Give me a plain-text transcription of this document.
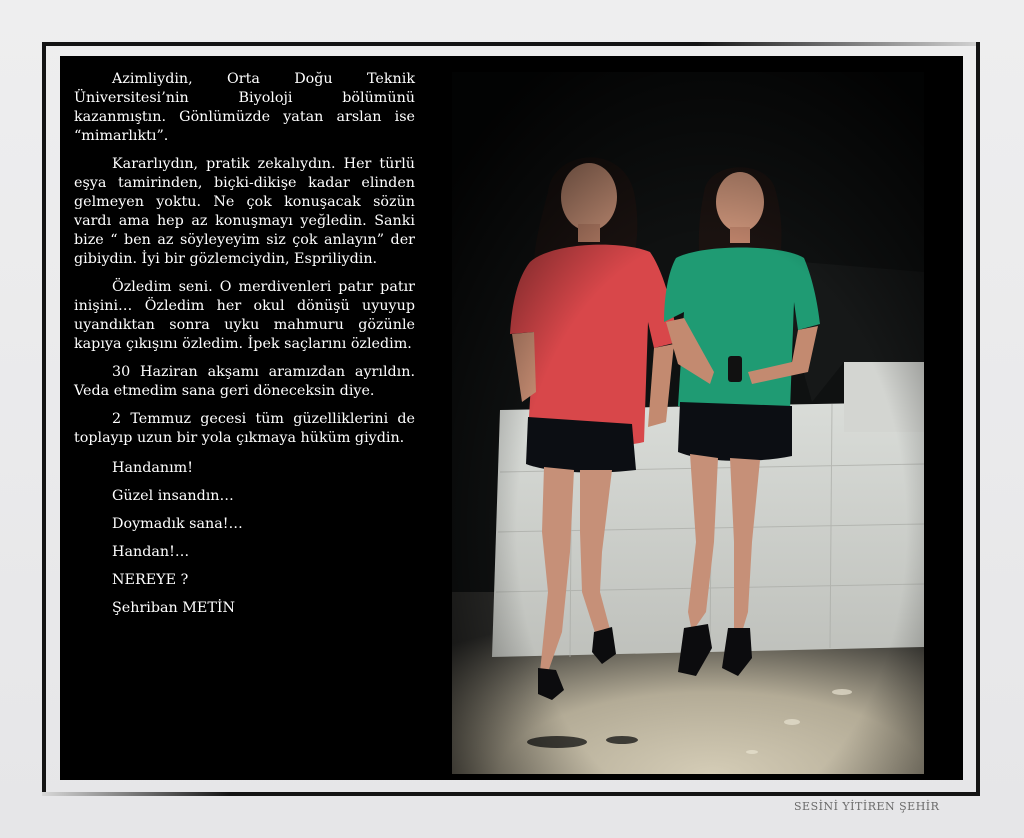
Azimliydin, Orta Doğu Teknik Üniversitesi’nin Biyoloji bölümünü kazanmıştın. Gönlümüzde yatan arslan ise “mimarlıktı”.

Kararlıydın, pratik zekalıydın. Her türlü eşya tamirinden, biçki-dikişe kadar elinden gelmeyen yoktu. Ne çok konuşacak sözün vardı ama hep az konuşmayı yeğledin. Sanki bize “ ben az söyleyeyim siz çok anlayın” der gibiydin. İyi bir gözlemciydin, Espriliydin.

Özledim seni. O merdivenleri patır patır inişini… Özledim her okul dönüşü uyuyup uyandıktan sonra uyku mahmuru gözünle kapıya çıkışını özledim. İpek saçlarını özledim.

30 Haziran akşamı aramızdan ayrıldın. Veda etmedim sana geri döneceksin diye.

2 Temmuz gecesi tüm güzelliklerini de toplayıp uzun bir yola çıkmaya hüküm giydin.

Handanım!
Güzel insandın…
Doymadık sana!…
Handan!…
NEREYE ?
Şehriban METİN
SESİNİ YİTİREN ŞEHİR
